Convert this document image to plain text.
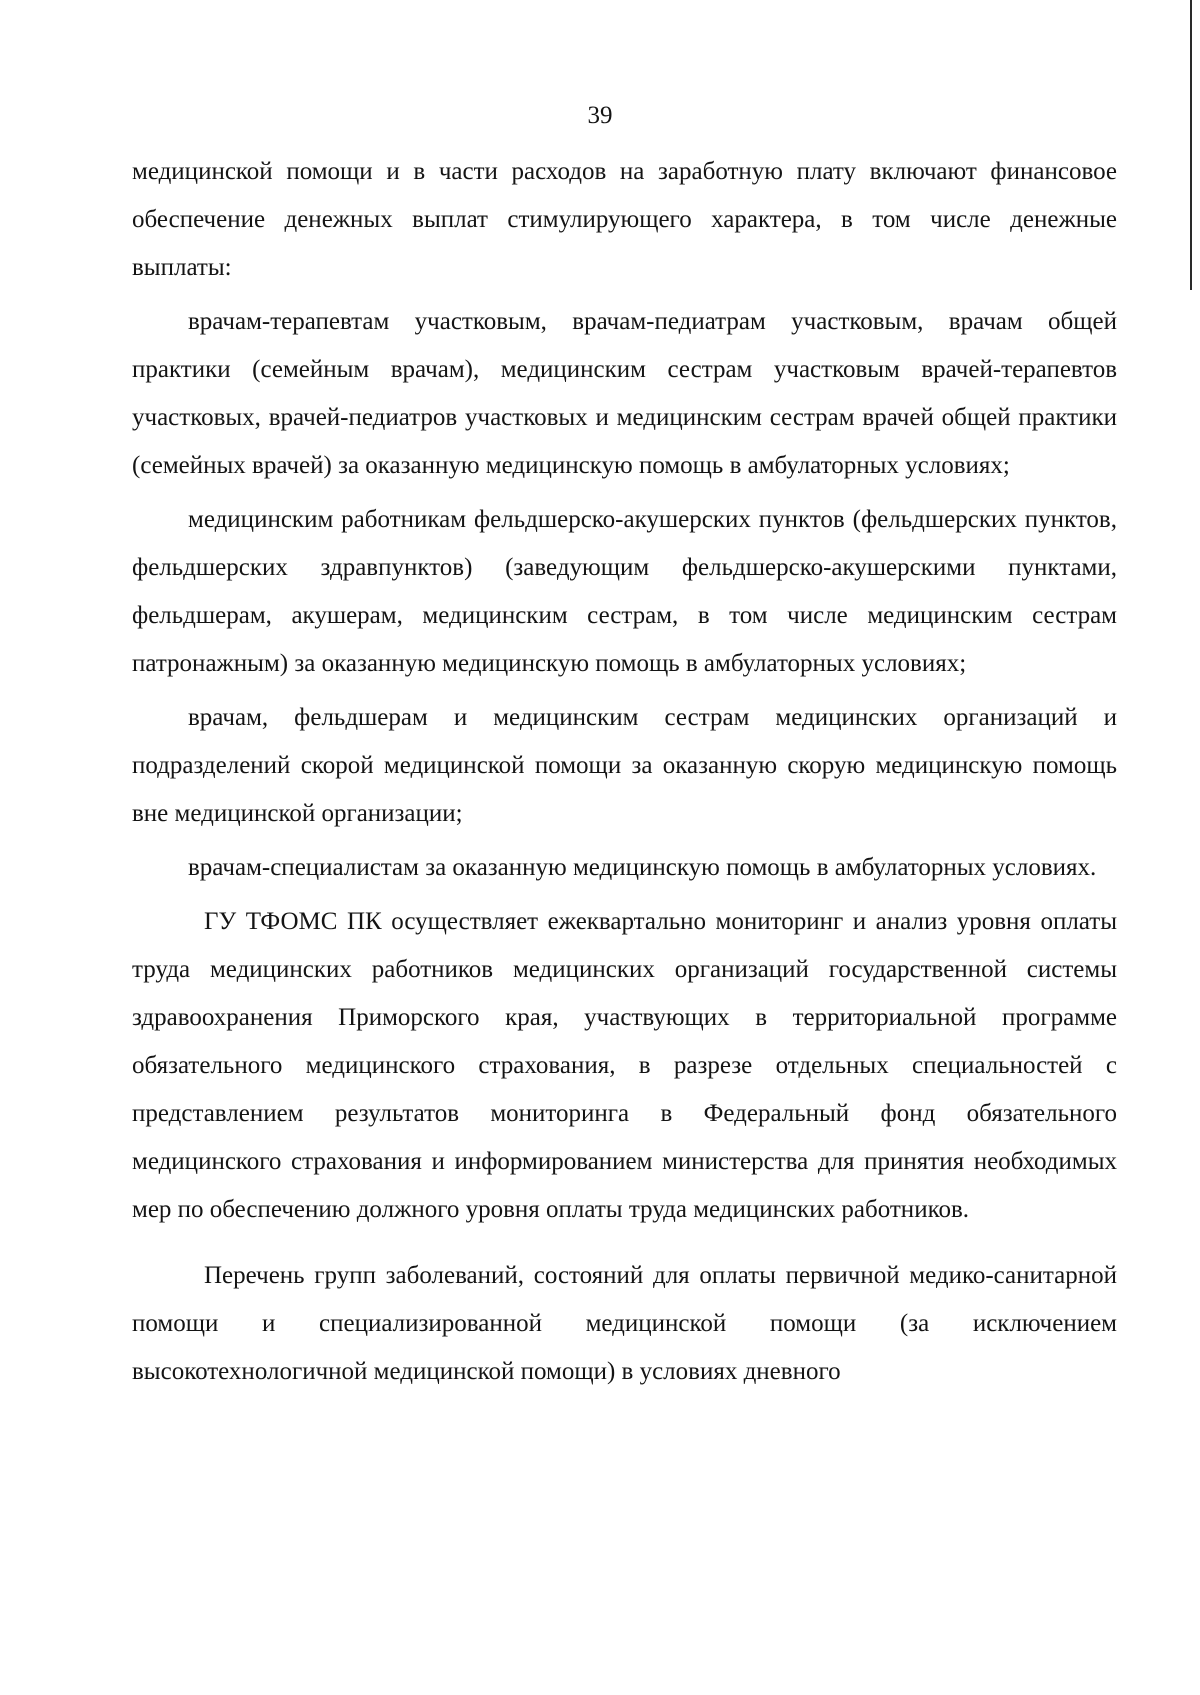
39

медицинской помощи и в части расходов на заработную плату включают финансовое обеспечение денежных выплат стимулирующего характера, в том числе денежные выплаты:

врачам-терапевтам участковым, врачам-педиатрам участковым, врачам общей практики (семейным врачам), медицинским сестрам участковым врачей-терапевтов участковых, врачей-педиатров участковых и медицинским сестрам врачей общей практики (семейных врачей) за оказанную медицинскую помощь в амбулаторных условиях;

медицинским работникам фельдшерско-акушерских пунктов (фельдшерских пунктов, фельдшерских здравпунктов) (заведующим фельдшерско-акушерскими пунктами, фельдшерам, акушерам, медицинским сестрам, в том числе медицинским сестрам патронажным) за оказанную медицинскую помощь в амбулаторных условиях;

врачам, фельдшерам и медицинским сестрам медицинских организаций и подразделений скорой медицинской помощи за оказанную скорую медицинскую помощь вне медицинской организации;

врачам-специалистам за оказанную медицинскую помощь в амбулаторных условиях.

ГУ ТФОМС ПК осуществляет ежеквартально мониторинг и анализ уровня оплаты труда медицинских работников медицинских организаций государственной системы здравоохранения Приморского края, участвующих в территориальной программе обязательного медицинского страхования, в разрезе отдельных специальностей с представлением результатов мониторинга в Федеральный фонд обязательного медицинского страхования и информированием министерства для принятия необходимых мер по обеспечению должного уровня оплаты труда медицинских работников.

Перечень групп заболеваний, состояний для оплаты первичной медико-санитарной помощи и специализированной медицинской помощи (за исключением высокотехнологичной медицинской помощи) в условиях дневного
